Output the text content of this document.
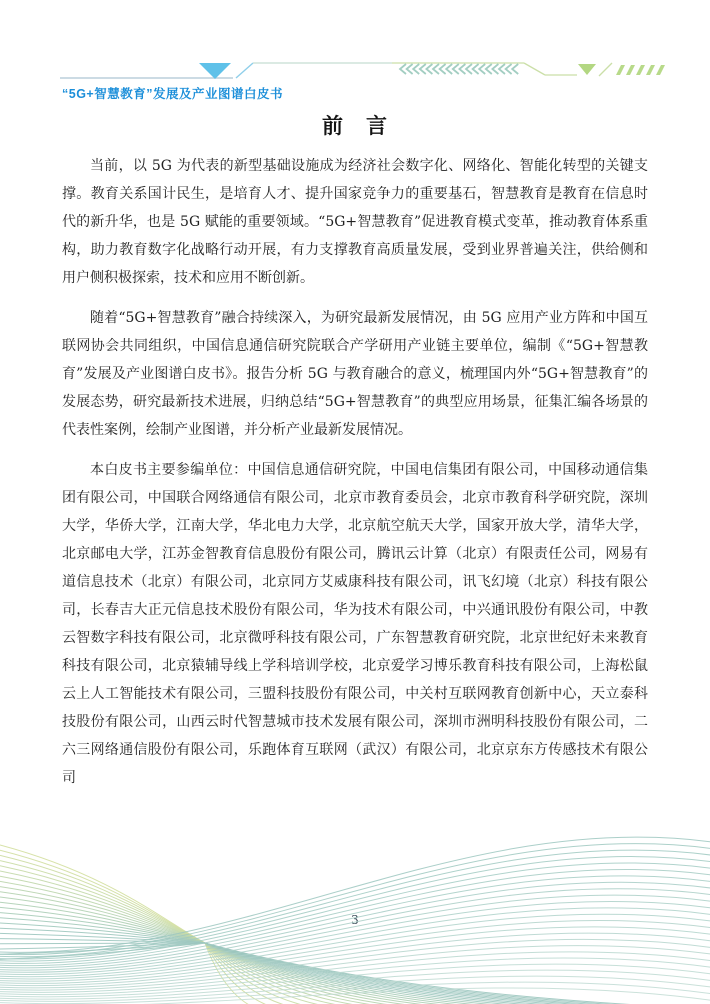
“5G+智慧教育”发展及产业图谱白皮书
前　言

当前，以 5G 为代表的新型基础设施成为经济社会数字化、网络化、智能化转型的关键支撑。教育关系国计民生，是培育人才、提升国家竞争力的重要基石，智慧教育是教育在信息时代的新升华，也是 5G 赋能的重要领域。“5G+智慧教育”促进教育模式变革，推动教育体系重构，助力教育数字化战略行动开展，有力支撑教育高质量发展，受到业界普遍关注，供给侧和用户侧积极探索，技术和应用不断创新。

随着“5G+智慧教育”融合持续深入，为研究最新发展情况，由 5G 应用产业方阵和中国互联网协会共同组织，中国信息通信研究院联合产学研用产业链主要单位，编制《“5G+智慧教育”发展及产业图谱白皮书》。报告分析 5G 与教育融合的意义，梳理国内外“5G+智慧教育”的发展态势，研究最新技术进展，归纳总结“5G+智慧教育”的典型应用场景，征集汇编各场景的代表性案例，绘制产业图谱，并分析产业最新发展情况。

本白皮书主要参编单位：中国信息通信研究院，中国电信集团有限公司，中国移动通信集团有限公司，中国联合网络通信有限公司，北京市教育委员会，北京市教育科学研究院，深圳大学，华侨大学，江南大学，华北电力大学，北京航空航天大学，国家开放大学，清华大学，北京邮电大学，江苏金智教育信息股份有限公司，腾讯云计算（北京）有限责任公司，网易有道信息技术（北京）有限公司，北京同方艾威康科技有限公司，讯飞幻境（北京）科技有限公司，长春吉大正元信息技术股份有限公司，华为技术有限公司，中兴通讯股份有限公司，中教云智数字科技有限公司，北京微呼科技有限公司，广东智慧教育研究院，北京世纪好未来教育科技有限公司，北京猿辅导线上学科培训学校，北京爱学习博乐教育科技有限公司，上海松鼠云上人工智能技术有限公司，三盟科技股份有限公司，中关村互联网教育创新中心，天立泰科技股份有限公司，山西云时代智慧城市技术发展有限公司，深圳市洲明科技股份有限公司，二六三网络通信股份有限公司，乐跑体育互联网（武汉）有限公司，北京京东方传感技术有限公司

3
